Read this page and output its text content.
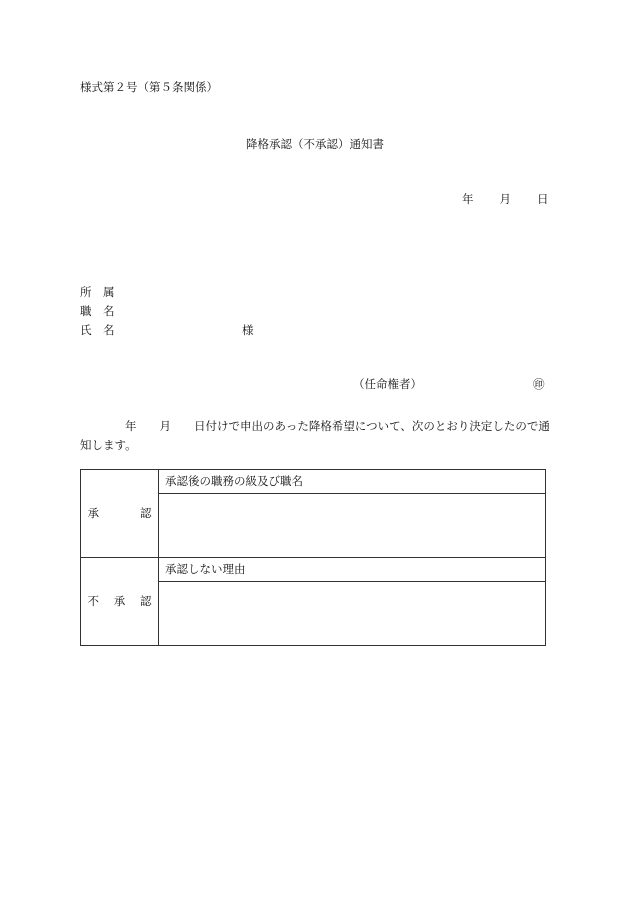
様式第２号（第５条関係）
降格承認（不承認）通知書
年 月 日
所　属
職　名
氏　名	様
（任命権者）	㊞
年　　月　　日付けで申出のあった降格希望について、次のとおり決定したので通知します。
承 認	承認後の職務の級及び職名

不 承 認	承認しない理由
